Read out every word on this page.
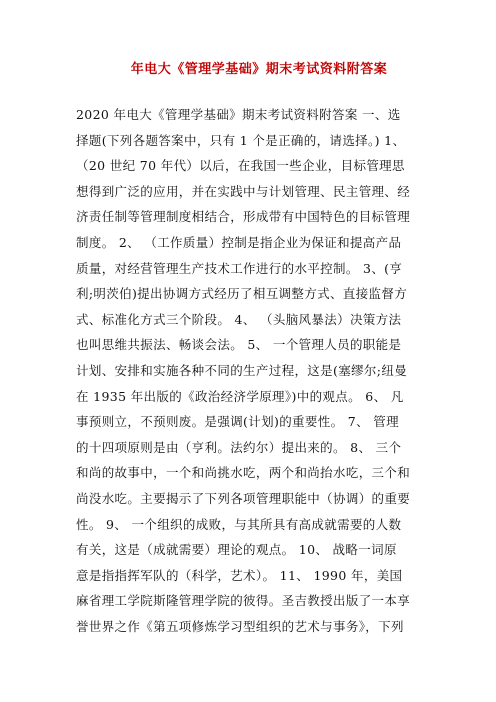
年电大《管理学基础》期末考试资料附答案
2020 年电大《管理学基础》期末考试资料附答案 一、选
择题(下列各题答案中，只有 1 个是正确的，请选择。) 1、
（20 世纪 70 年代）以后，在我国一些企业，目标管理思
想得到广泛的应用，并在实践中与计划管理、民主管理、经
济责任制等管理制度相结合，形成带有中国特色的目标管理
制度。 2、 （工作质量）控制是指企业为保证和提高产品
质量，对经营管理生产技术工作进行的水平控制。 3、(亨
利;明茨伯)提出协调方式经历了相互调整方式、直接监督方
式、标准化方式三个阶段。 4、 （头脑风暴法）决策方法
也叫思维共振法、畅谈会法。 5、 一个管理人员的职能是
计划、安排和实施各种不同的生产过程，这是(塞缪尔;纽曼
在 1935 年出版的《政治经济学原理》)中的观点。 6、 凡
事预则立，不预则废。是强调(计划)的重要性。 7、 管理
的十四项原则是由（亨利。法约尔）提出来的。 8、 三个
和尚的故事中，一个和尚挑水吃，两个和尚抬水吃，三个和
尚没水吃。主要揭示了下列各项管理职能中（协调）的重要
性。 9、 一个组织的成败，与其所具有高成就需要的人数
有关，这是（成就需要）理论的观点。 10、 战略一词原
意是指指挥军队的（科学，艺术）。 11、 1990 年，美国
麻省理工学院斯隆管理学院的彼得。圣吉教授出版了一本享
誉世界之作《第五项修炼学习型组织的艺术与事务》，下列
